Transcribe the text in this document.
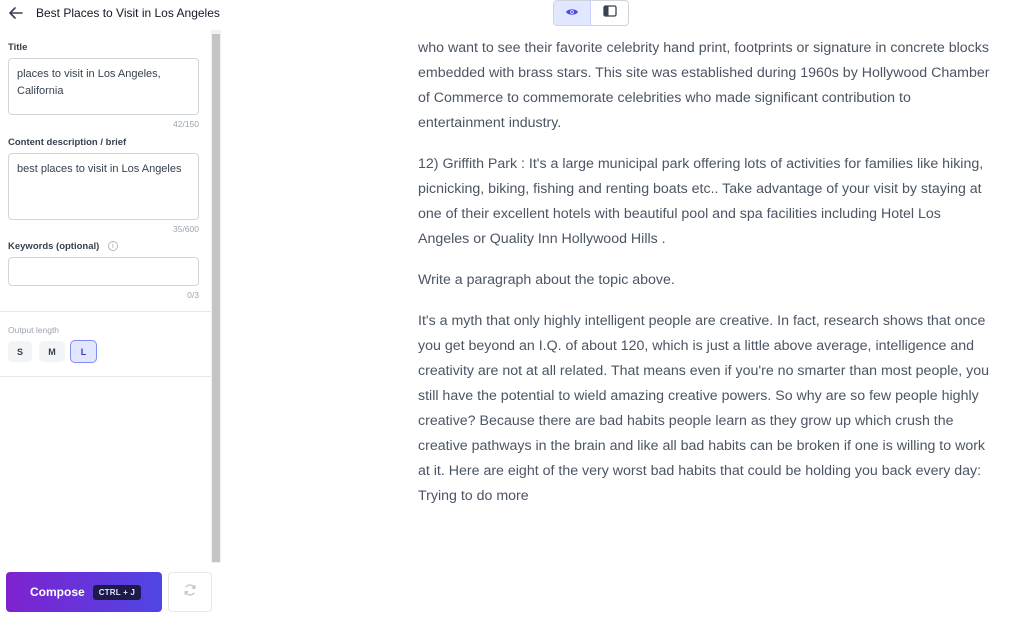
Best Places to Visit in Los Angeles
Title
places to visit in Los Angeles, California
42/150
Content description / brief
best places to visit in Los Angeles
35/600
Keywords (optional) i
0/3
Output length
S	M	L
Compose	CTRL + J

who want to see their favorite celebrity hand print, footprints or signature in concrete blocks embedded with brass stars. This site was established during 1960s by Hollywood Chamber of Commerce to commemorate celebrities who made significant contribution to entertainment industry.

12) Griffith Park : It's a large municipal park offering lots of activities for families like hiking, picnicking, biking, fishing and renting boats etc.. Take advantage of your visit by staying at one of their excellent hotels with beautiful pool and spa facilities including Hotel Los Angeles or Quality Inn Hollywood Hills .

Write a paragraph about the topic above.

It's a myth that only highly intelligent people are creative. In fact, research shows that once you get beyond an I.Q. of about 120, which is just a little above average, intelligence and creativity are not at all related. That means even if you're no smarter than most people, you still have the potential to wield amazing creative powers. So why are so few people highly creative? Because there are bad habits people learn as they grow up which crush the creative pathways in the brain and like all bad habits can be broken if one is willing to work at it. Here are eight of the very worst bad habits that could be holding you back every day: Trying to do more
